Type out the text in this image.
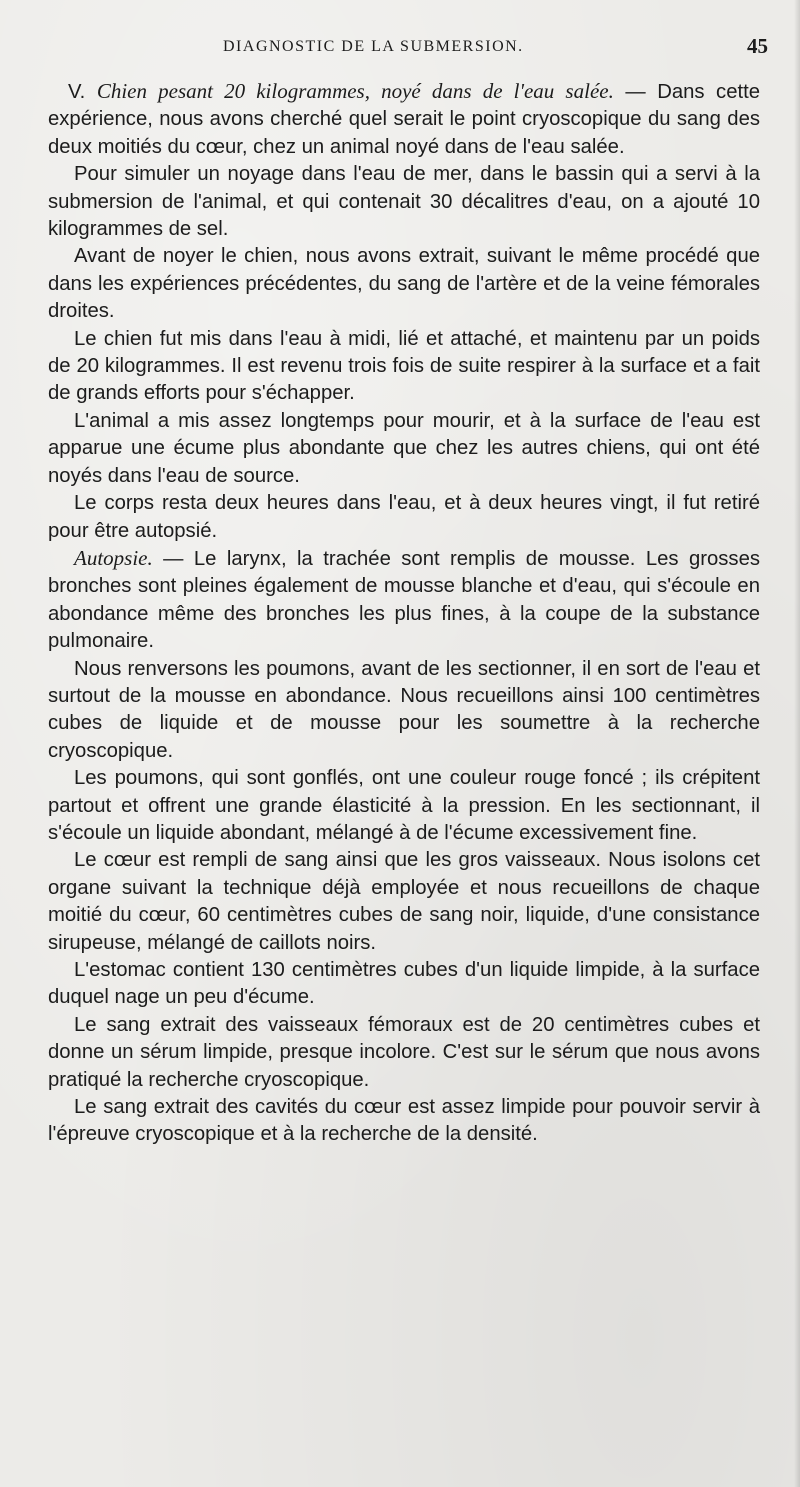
DIAGNOSTIC DE LA SUBMERSION.	45

V. Chien pesant 20 kilogrammes, noyé dans de l'eau salée. — Dans cette expérience, nous avons cherché quel serait le point cryoscopique du sang des deux moitiés du cœur, chez un animal noyé dans de l'eau salée.

Pour simuler un noyage dans l'eau de mer, dans le bassin qui a servi à la submersion de l'animal, et qui contenait 30 décalitres d'eau, on a ajouté 10 kilogrammes de sel.

Avant de noyer le chien, nous avons extrait, suivant le même procédé que dans les expériences précédentes, du sang de l'artère et de la veine fémorales droites.

Le chien fut mis dans l'eau à midi, lié et attaché, et maintenu par un poids de 20 kilogrammes. Il est revenu trois fois de suite respirer à la surface et a fait de grands efforts pour s'échapper.

L'animal a mis assez longtemps pour mourir, et à la surface de l'eau est apparue une écume plus abondante que chez les autres chiens, qui ont été noyés dans l'eau de source.

Le corps resta deux heures dans l'eau, et à deux heures vingt, il fut retiré pour être autopsié.

Autopsie. — Le larynx, la trachée sont remplis de mousse. Les grosses bronches sont pleines également de mousse blanche et d'eau, qui s'écoule en abondance même des bronches les plus fines, à la coupe de la substance pulmonaire.

Nous renversons les poumons, avant de les sectionner, il en sort de l'eau et surtout de la mousse en abondance. Nous recueillons ainsi 100 centimètres cubes de liquide et de mousse pour les soumettre à la recherche cryoscopique.

Les poumons, qui sont gonflés, ont une couleur rouge foncé ; ils crépitent partout et offrent une grande élasticité à la pression. En les sectionnant, il s'écoule un liquide abondant, mélangé à de l'écume excessivement fine.

Le cœur est rempli de sang ainsi que les gros vaisseaux. Nous isolons cet organe suivant la technique déjà employée et nous recueillons de chaque moitié du cœur, 60 centimètres cubes de sang noir, liquide, d'une consistance sirupeuse, mélangé de caillots noirs.

L'estomac contient 130 centimètres cubes d'un liquide limpide, à la surface duquel nage un peu d'écume.

Le sang extrait des vaisseaux fémoraux est de 20 centimètres cubes et donne un sérum limpide, presque incolore. C'est sur le sérum que nous avons pratiqué la recherche cryoscopique.

Le sang extrait des cavités du cœur est assez limpide pour pouvoir servir à l'épreuve cryoscopique et à la recherche de la densité.
